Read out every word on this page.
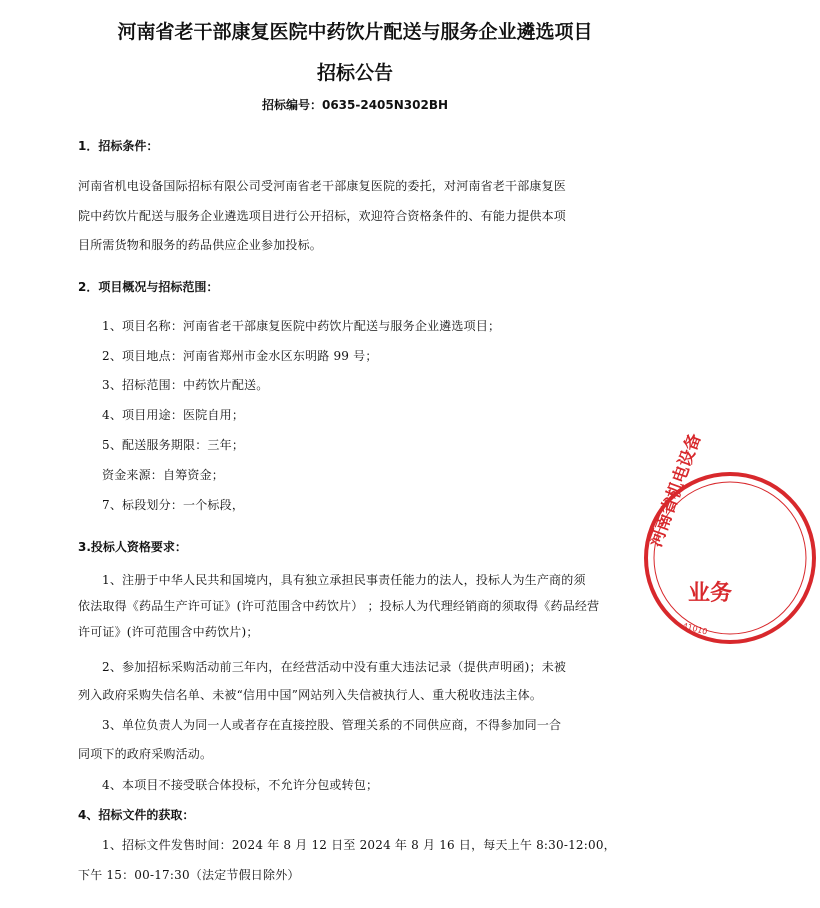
河南省老干部康复医院中药饮片配送与服务企业遴选项目
招标公告
招标编号：0635-2405N302BH
1．招标条件：
河南省机电设备国际招标有限公司受河南省老干部康复医院的委托，对河南省老干部康复医
院中药饮片配送与服务企业遴选项目进行公开招标，欢迎符合资格条件的、有能力提供本项
目所需货物和服务的药品供应企业参加投标。
2．项目概况与招标范围：
1、项目名称：河南省老干部康复医院中药饮片配送与服务企业遴选项目；
2、项目地点：河南省郑州市金水区东明路 99 号；
3、招标范围：中药饮片配送。
4、项目用途：医院自用；
5、配送服务期限：三年；
资金来源：自筹资金；
7、标段划分：一个标段，
3.投标人资格要求：
1、注册于中华人民共和国境内，具有独立承担民事责任能力的法人，投标人为生产商的须
依法取得《药品生产许可证》(许可范围含中药饮片） ；投标人为代理经销商的须取得《药品经营
许可证》(许可范围含中药饮片)；
2、参加招标采购活动前三年内，在经营活动中没有重大违法记录（提供声明函)；未被
列入政府采购失信名单、未被“信用中国”网站列入失信被执行人、重大税收违法主体。
3、单位负责人为同一人或者存在直接控股、管理关系的不同供应商，不得参加同一合
同项下的政府采购活动。
4、本项目不接受联合体投标，不允许分包或转包；
4、招标文件的获取：
1、招标文件发售时间：2024 年 8 月 12 日至 2024 年 8 月 16 日，每天上午 8:30-12:00，
下午 15：00-17:30（法定节假日除外）
河南省机电设备
业务
41010
